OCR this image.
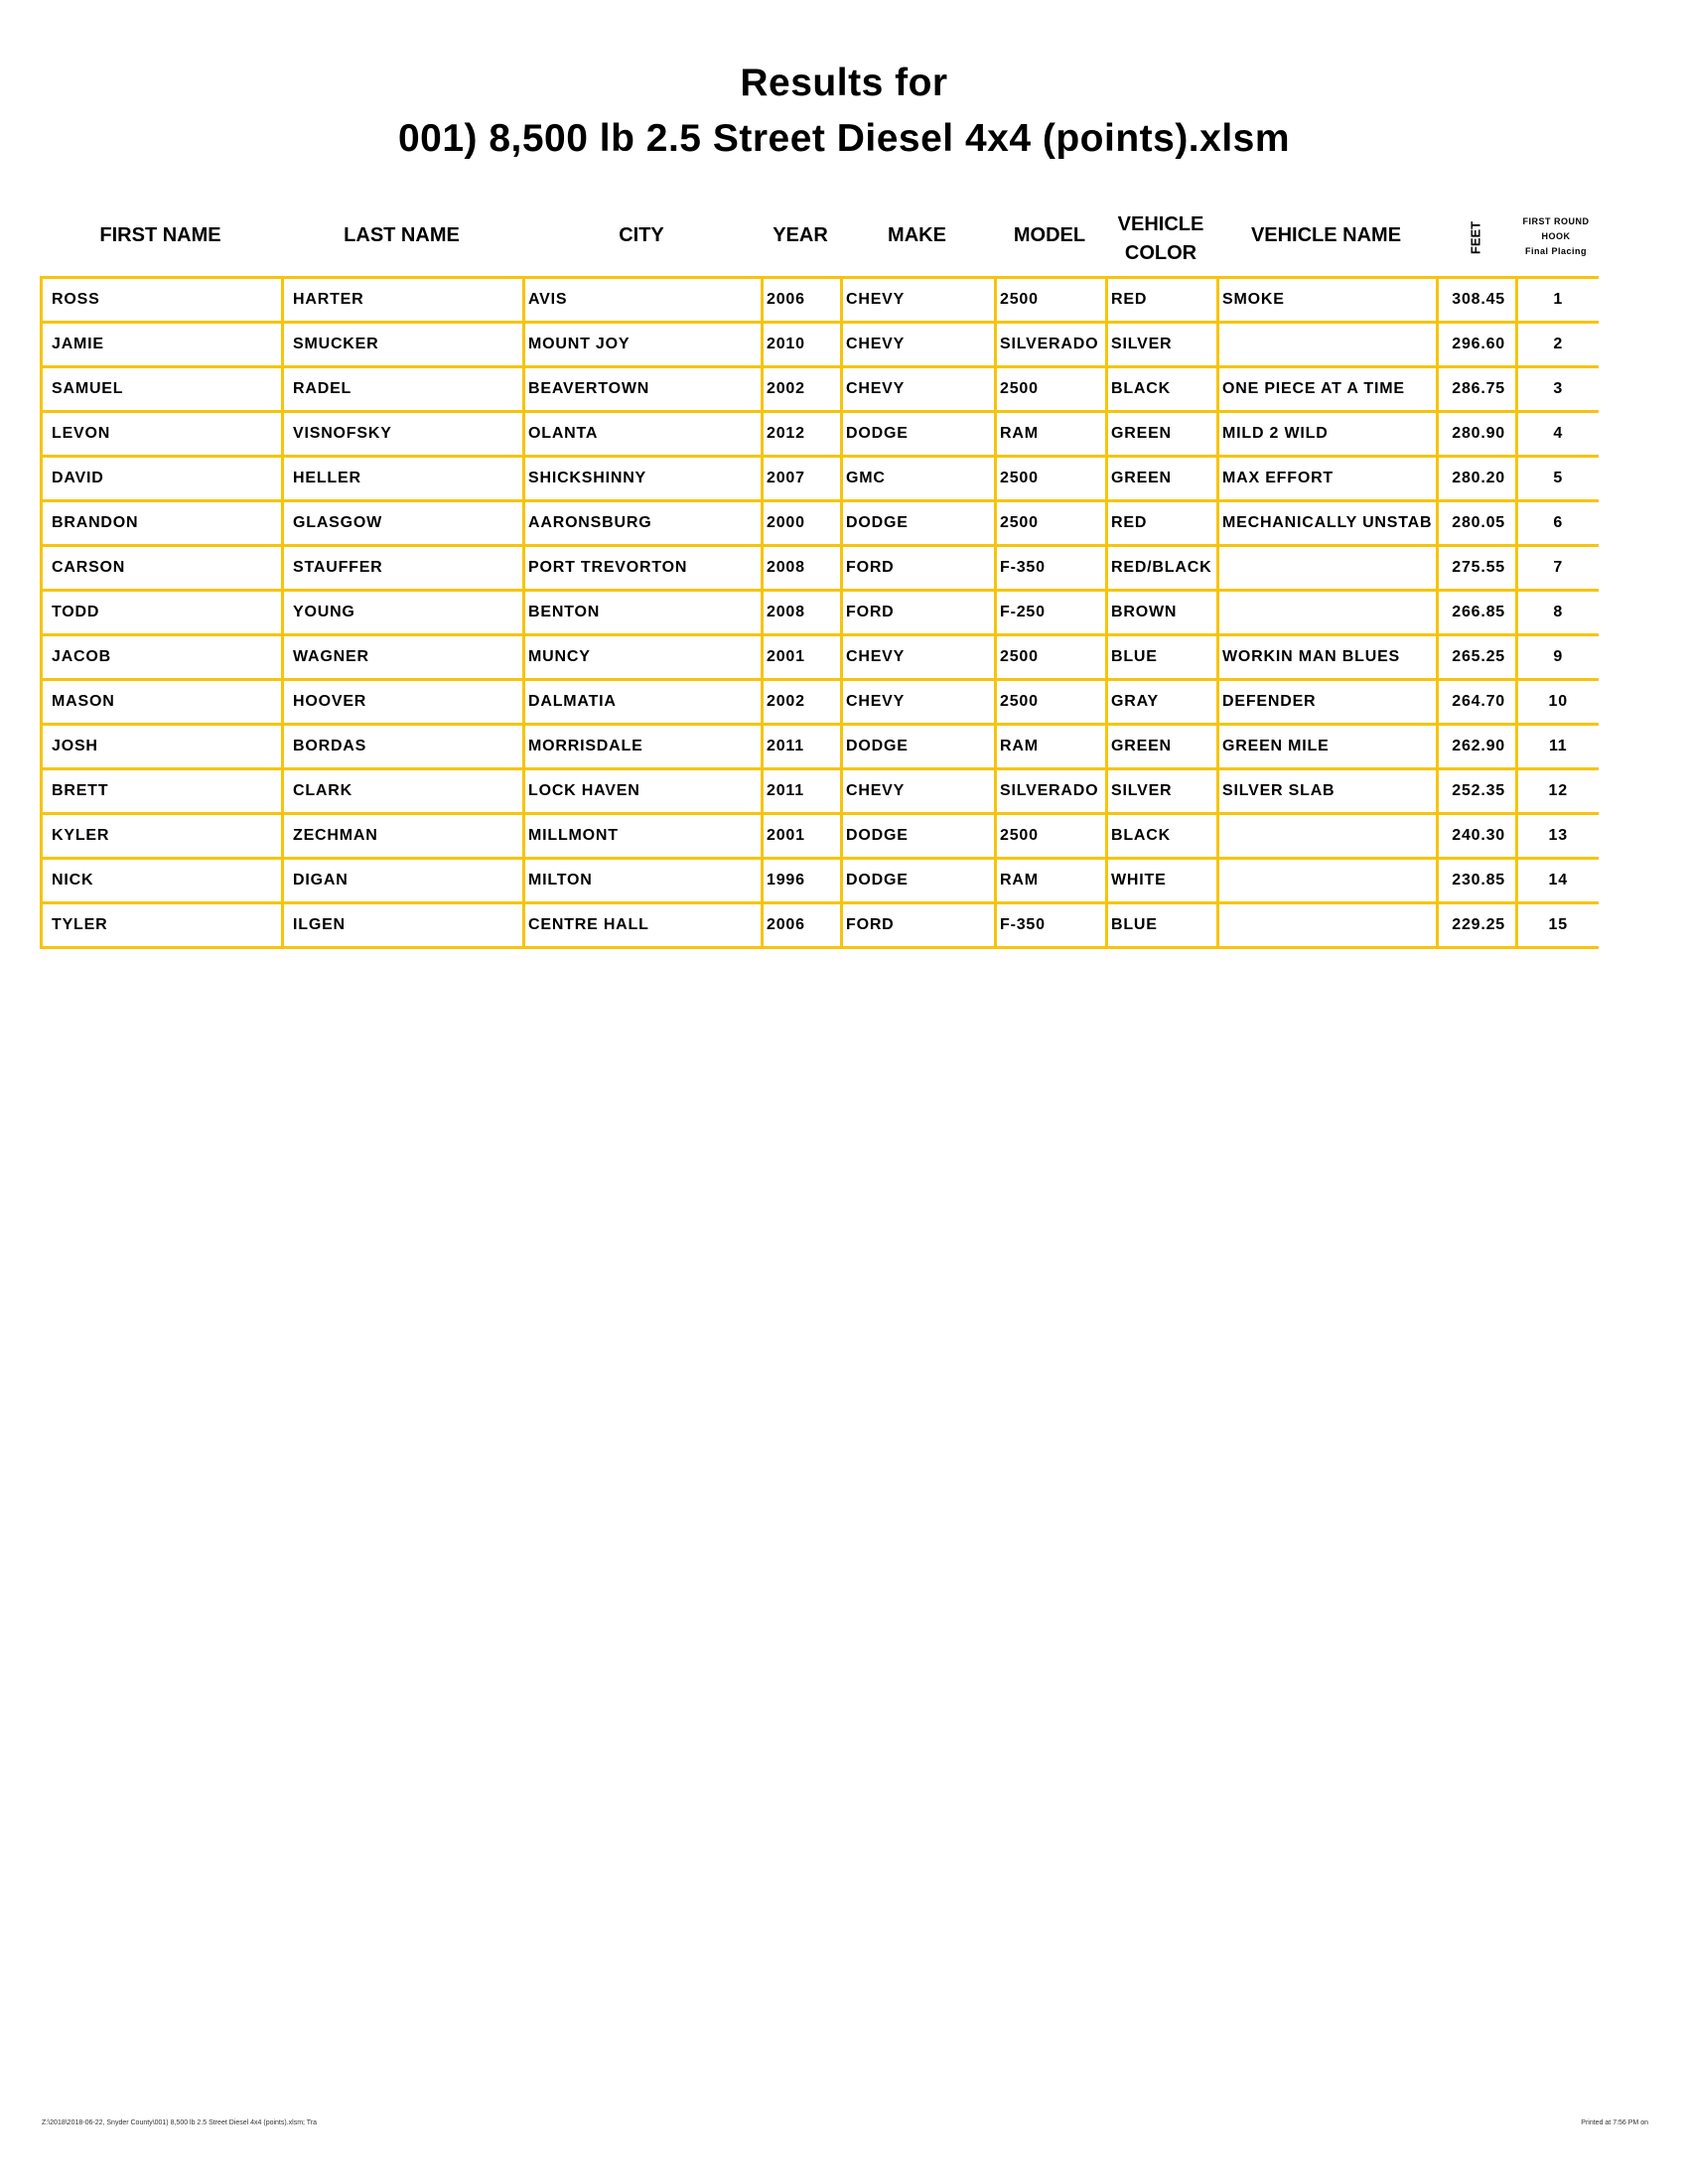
Results for
001) 8,500 lb 2.5 Street Diesel 4x4 (points).xlsm
FIRST NAME	LAST NAME	CITY	YEAR	MAKE	MODEL	VEHICLE
COLOR
VEHICLE NAME	FEET	FIRST ROUND
HOOK
Final Placing
ROSS	HARTER	AVIS	2006	CHEVY	2500	RED	SMOKE	308.45	1
JAMIE	SMUCKER	MOUNT JOY	2010	CHEVY	SILVERADO	SILVER		296.60	2
SAMUEL	RADEL	BEAVERTOWN	2002	CHEVY	2500	BLACK	ONE PIECE AT A TIME	286.75	3
LEVON	VISNOFSKY	OLANTA	2012	DODGE	RAM	GREEN	MILD 2 WILD	280.90	4
DAVID	HELLER	SHICKSHINNY	2007	GMC	2500	GREEN	MAX EFFORT	280.20	5
BRANDON	GLASGOW	AARONSBURG	2000	DODGE	2500	RED	MECHANICALLY UNSTAB	280.05	6
CARSON	STAUFFER	PORT TREVORTON	2008	FORD	F-350	RED/BLACK		275.55	7
TODD	YOUNG	BENTON	2008	FORD	F-250	BROWN		266.85	8
JACOB	WAGNER	MUNCY	2001	CHEVY	2500	BLUE	WORKIN MAN BLUES	265.25	9
MASON	HOOVER	DALMATIA	2002	CHEVY	2500	GRAY	DEFENDER	264.70	10
JOSH	BORDAS	MORRISDALE	2011	DODGE	RAM	GREEN	GREEN MILE	262.90	11
BRETT	CLARK	LOCK HAVEN	2011	CHEVY	SILVERADO	SILVER	SILVER SLAB	252.35	12
KYLER	ZECHMAN	MILLMONT	2001	DODGE	2500	BLACK		240.30	13
NICK	DIGAN	MILTON	1996	DODGE	RAM	WHITE		230.85	14
TYLER	ILGEN	CENTRE HALL	2006	FORD	F-350	BLUE		229.25	15
Z:\2018\2018-06-22, Snyder County\001) 8,500 lb 2.5 Street Diesel 4x4 (points).xlsm; Tra	Printed at 7:56 PM on
